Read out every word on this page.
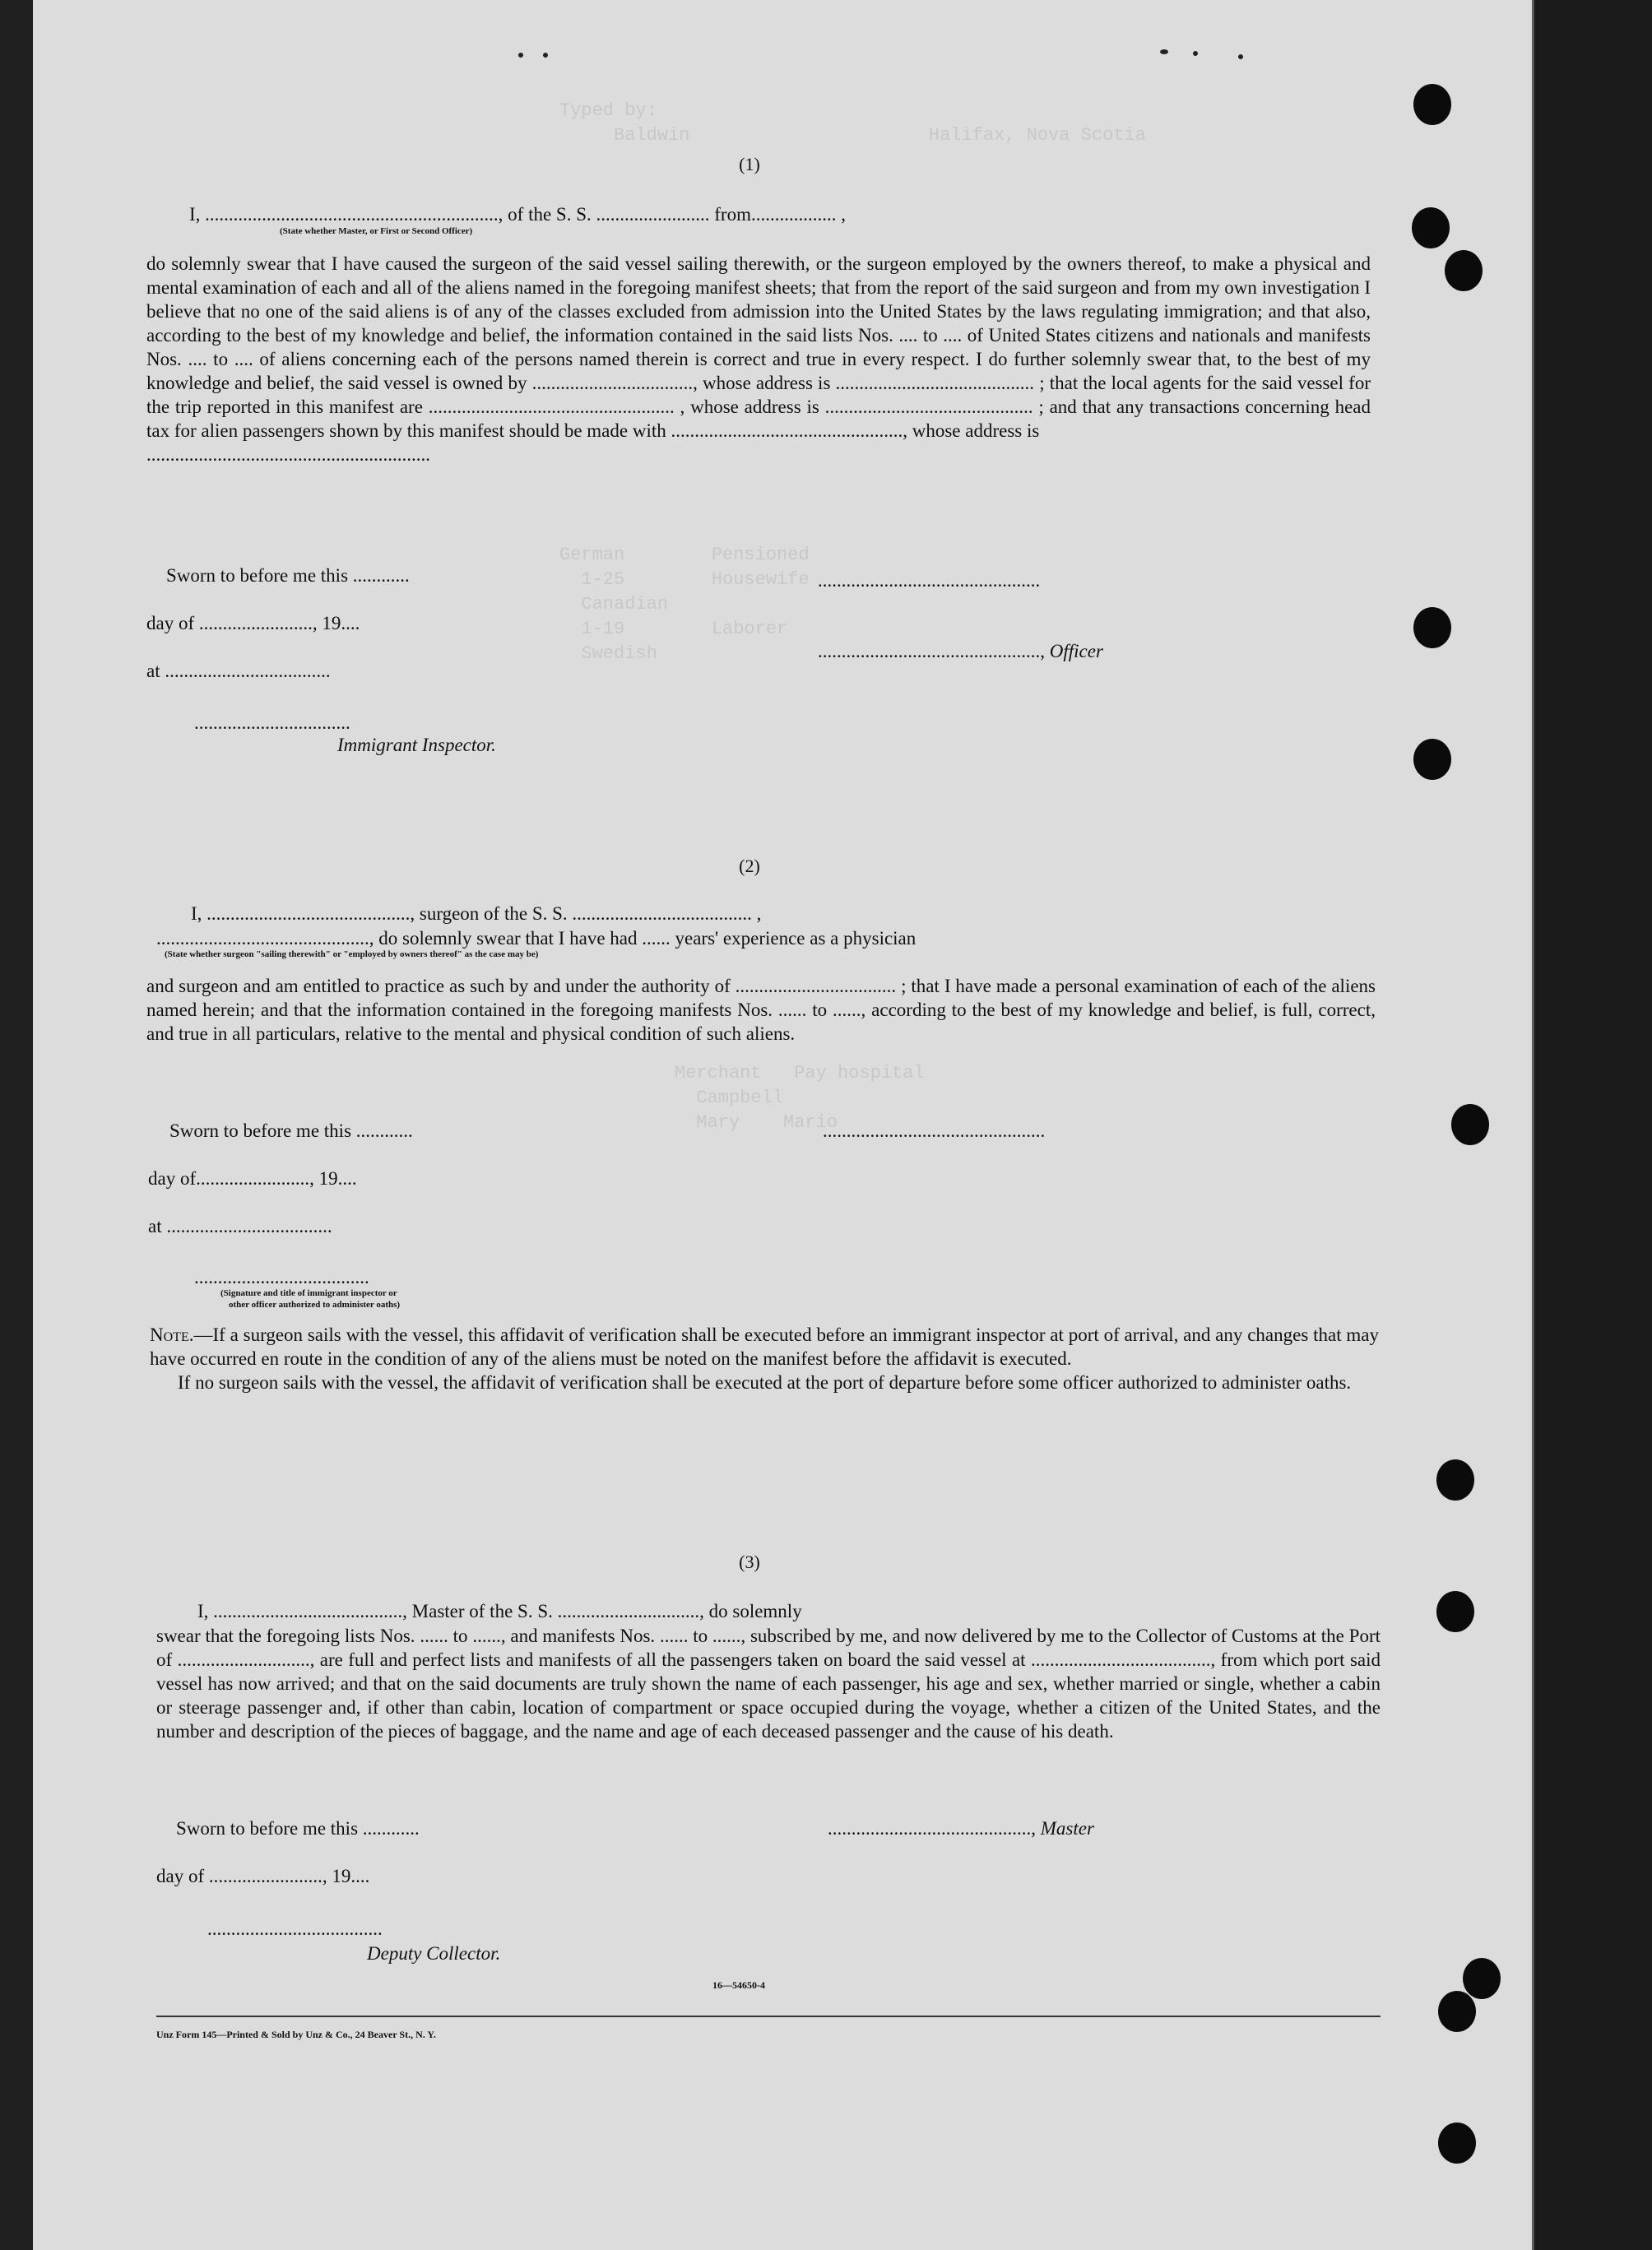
Typed by:
Baldwin                      Halifax, Nova Scotia
German        Pensioned
1-25        Housewife
Canadian
1-19        Laborer
Swedish
Merchant   Pay hospital
Campbell
Mary    Mario
(1)
I, .............................................................., of the S. S. ........................ from.................. ,
(State whether Master, or First or Second Officer)

do solemnly swear that I have caused the surgeon of the said vessel sailing therewith, or the surgeon employed by the owners thereof, to make a physical and mental examination of each and all of the aliens named in the foregoing manifest sheets; that from the report of the said surgeon and from my own investigation I believe that no one of the said aliens is of any of the classes excluded from admission into the United States by the laws regulating immigration; and that also, according to the best of my knowledge and belief, the information contained in the said lists Nos. .... to .... of United States citizens and nationals and manifests Nos. .... to .... of aliens concerning each of the persons named therein is correct and true in every respect. I do further solemnly swear that, to the best of my knowledge and belief, the said vessel is owned by .................................., whose address is .......................................... ; that the local agents for the said vessel for the trip reported in this manifest are .................................................... , whose address is ............................................ ; and that any transactions concerning head tax for alien passengers shown by this manifest should be made with ................................................., whose address is

............................................................

Sworn to before me this ............
day of ........................, 19....
at ...................................
.................................
Immigrant Inspector.
...............................................
..............................................., Officer
(2)
I, ..........................................., surgeon of the S. S. ...................................... ,
............................................., do solemnly swear that I have had ...... years' experience as a physician
(State whether surgeon "sailing therewith" or "employed by owners thereof" as the case may be)

and surgeon and am entitled to practice as such by and under the authority of .................................. ; that I have made a personal examination of each of the aliens named herein; and that the information contained in the foregoing manifests Nos. ...... to ......, according to the best of my knowledge and belief, is full, correct, and true in all particulars, relative to the mental and physical condition of such aliens.

Sworn to before me this ............
day of........................, 19....
at ...................................
...............................................
.....................................
(Signature and title of immigrant inspector or
other officer authorized to administer oaths)

Note.—If a surgeon sails with the vessel, this affidavit of verification shall be executed before an immigrant inspector at port of arrival, and any changes that may have occurred en route in the condition of any of the aliens must be noted on the manifest before the affidavit is executed.

If no surgeon sails with the vessel, the affidavit of verification shall be executed at the port of departure before some officer authorized to administer oaths.

(3)
I, ........................................, Master of the S. S. .............................., do solemnly

swear that the foregoing lists Nos. ...... to ......, and manifests Nos. ...... to ......, subscribed by me, and now delivered by me to the Collector of Customs at the Port of ............................, are full and perfect lists and manifests of all the passengers taken on board the said vessel at ......................................, from which port said vessel has now arrived; and that on the said documents are truly shown the name of each passenger, his age and sex, whether married or single, whether a cabin or steerage passenger and, if other than cabin, location of compartment or space occupied during the voyage, whether a citizen of the United States, and the number and description of the pieces of baggage, and the name and age of each deceased passenger and the cause of his death.

Sworn to before me this ............
day of ........................, 19....
.....................................
Deputy Collector.
..........................................., Master
16—54650-4
Unz Form 145—Printed & Sold by Unz & Co., 24 Beaver St., N. Y.
